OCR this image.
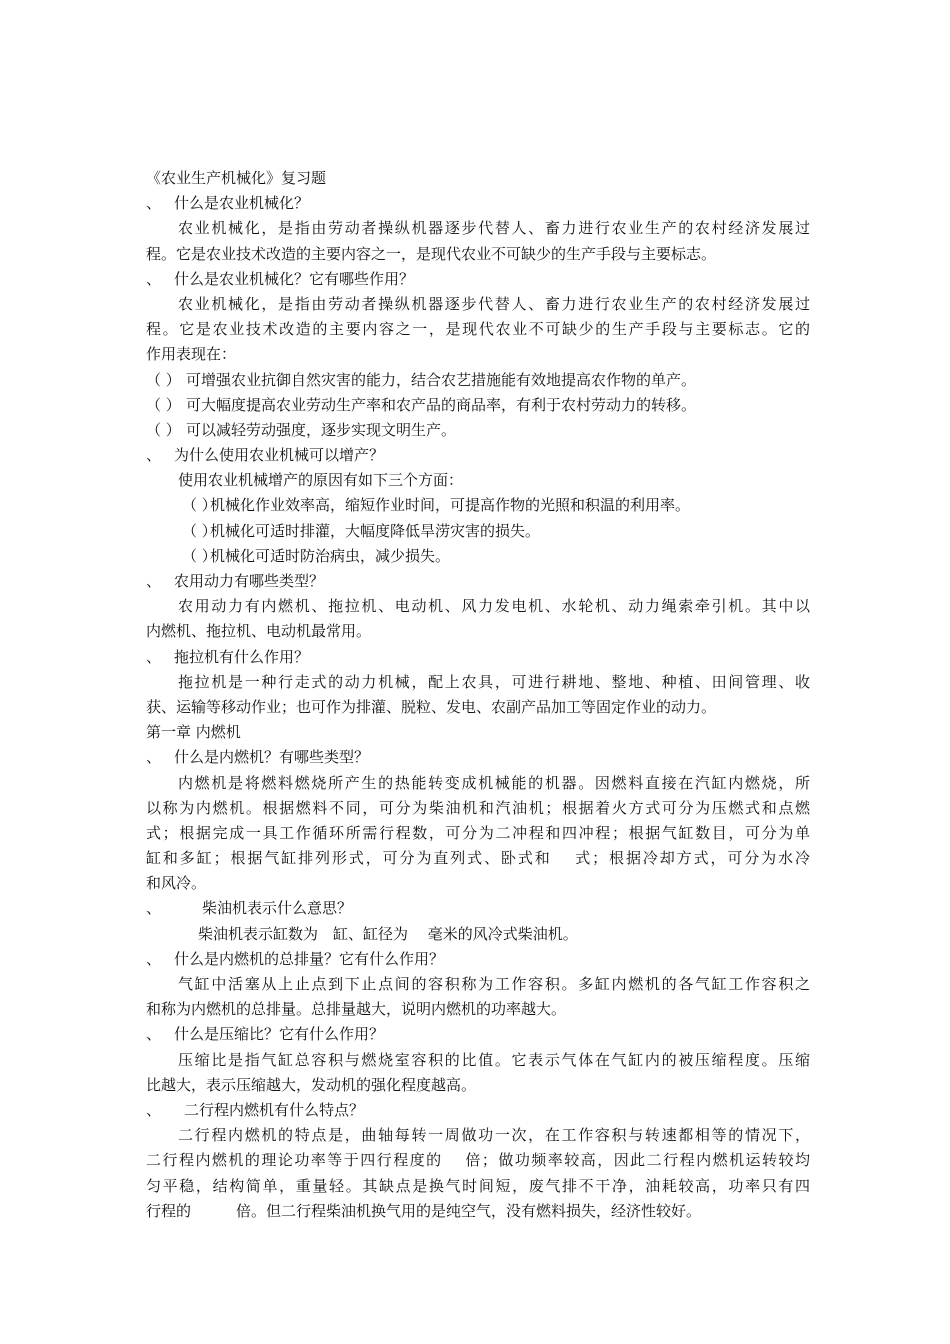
《农业生产机械化》复习题
、 什么是农业机械化？
农业机械化，是指由劳动者操纵机器逐步代替人、畜力进行农业生产的农村经济发展过
程。它是农业技术改造的主要内容之一，是现代农业不可缺少的生产手段与主要标志。
、 什么是农业机械化？它有哪些作用？
农业机械化，是指由劳动者操纵机器逐步代替人、畜力进行农业生产的农村经济发展过
程。它是农业技术改造的主要内容之一，是现代农业不可缺少的生产手段与主要标志。它的
作用表现在：
（ ） 可增强农业抗御自然灾害的能力，结合农艺措施能有效地提高农作物的单产。
（ ） 可大幅度提高农业劳动生产率和农产品的商品率，有利于农村劳动力的转移。
（ ） 可以减轻劳动强度，逐步实现文明生产。
、 为什么使用农业机械可以增产？
使用农业机械增产的原因有如下三个方面：
（ ）机械化作业效率高，缩短作业时间，可提高作物的光照和积温的利用率。
（ ）机械化可适时排灌，大幅度降低旱涝灾害的损失。
（ ）机械化可适时防治病虫，减少损失。
、 农用动力有哪些类型？
农用动力有内燃机、拖拉机、电动机、风力发电机、水轮机、动力绳索牵引机。其中以
内燃机、拖拉机、电动机最常用。
、 拖拉机有什么作用？
拖拉机是一种行走式的动力机械，配上农具，可进行耕地、整地、种植、田间管理、收
获、运输等移动作业；也可作为排灌、脱粒、发电、农副产品加工等固定作业的动力。
第一章 内燃机
、 什么是内燃机？有哪些类型？
内燃机是将燃料燃烧所产生的热能转变成机械能的机器。因燃料直接在汽缸内燃烧，所
以称为内燃机。根据燃料不同，可分为柴油机和汽油机；根据着火方式可分为压燃式和点燃
式；根据完成一具工作循环所需行程数，可分为二冲程和四冲程；根据气缸数目，可分为单
缸和多缸；根据气缸排列形式，可分为直列式、卧式和　 式；根据冷却方式，可分为水冷
和风冷。
、	柴油机表示什么意思？
柴油机表示缸数为　缸、缸径为　 毫米的风冷式柴油机。
、 什么是内燃机的总排量？它有什么作用？
气缸中活塞从上止点到下止点间的容积称为工作容积。多缸内燃机的各气缸工作容积之
和称为内燃机的总排量。总排量越大，说明内燃机的功率越大。
、 什么是压缩比？它有什么作用？
压缩比是指气缸总容积与燃烧室容积的比值。它表示气体在气缸内的被压缩程度。压缩
比越大，表示压缩越大，发动机的强化程度越高。
、 二行程内燃机有什么特点？
二行程内燃机的特点是，曲轴每转一周做功一次，在工作容积与转速都相等的情况下，
二行程内燃机的理论功率等于四行程度的　 倍；做功频率较高，因此二行程内燃机运转较均
匀平稳，结构简单，重量轻。其缺点是换气时间短，废气排不干净，油耗较高，功率只有四
行程的　　　倍。但二行程柴油机换气用的是纯空气，没有燃料损失，经济性较好。
